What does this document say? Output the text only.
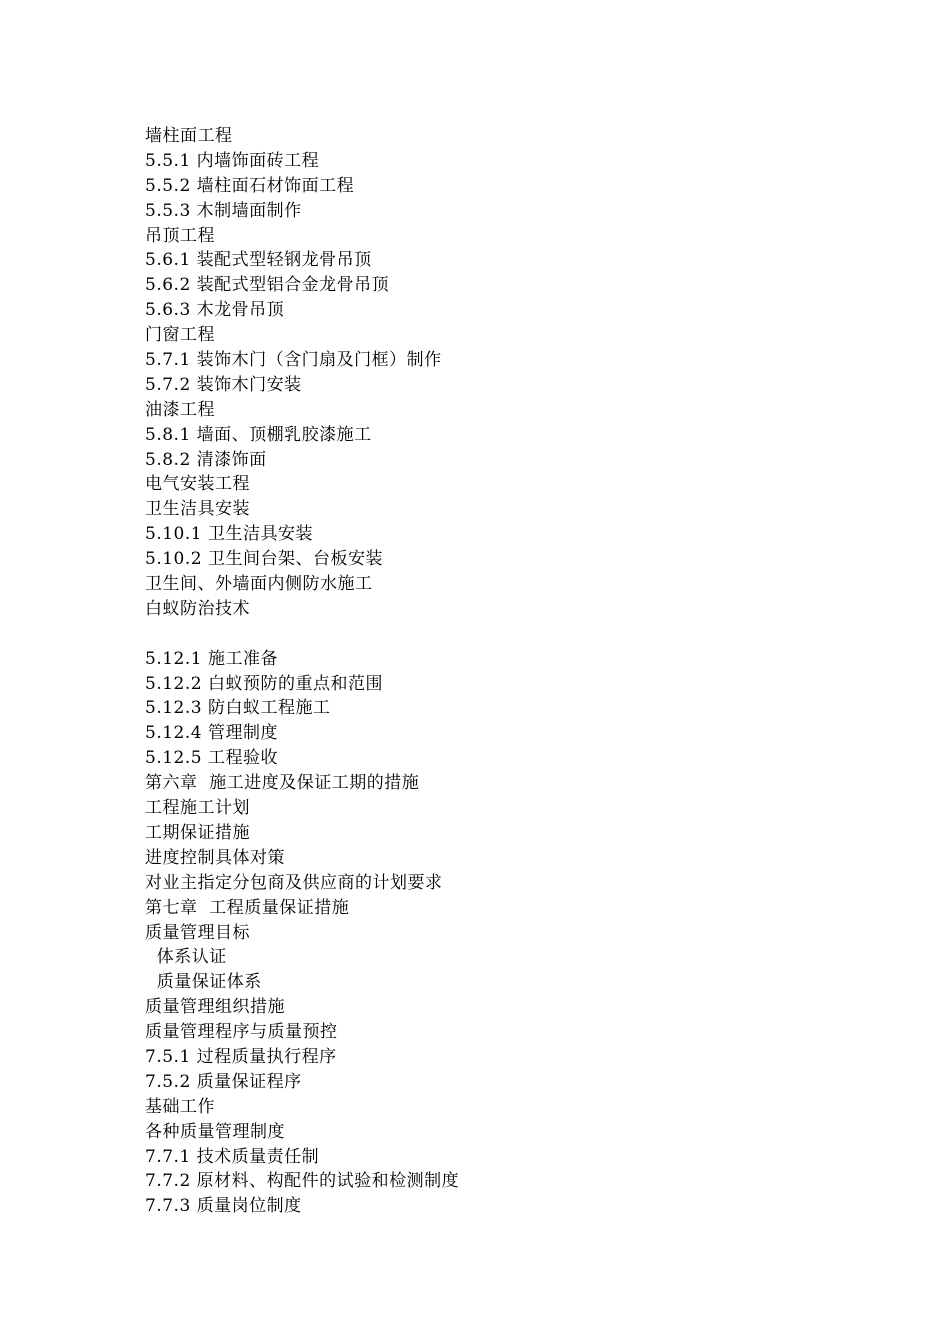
墙柱面工程
5.5.1 内墙饰面砖工程
5.5.2 墙柱面石材饰面工程
5.5.3 木制墙面制作
吊顶工程
5.6.1 装配式型轻钢龙骨吊顶
5.6.2 装配式型铝合金龙骨吊顶
5.6.3 木龙骨吊顶
门窗工程
5.7.1 装饰木门（含门扇及门框）制作
5.7.2 装饰木门安装
油漆工程
5.8.1 墙面、顶棚乳胶漆施工
5.8.2 清漆饰面
电气安装工程
卫生洁具安装
5.10.1 卫生洁具安装
5.10.2 卫生间台架、台板安装
卫生间、外墙面内侧防水施工
白蚁防治技术
5.12.1 施工准备
5.12.2 白蚁预防的重点和范围
5.12.3 防白蚁工程施工
5.12.4 管理制度
5.12.5 工程验收
第六章  施工进度及保证工期的措施
工程施工计划
工期保证措施
进度控制具体对策
对业主指定分包商及供应商的计划要求
第七章  工程质量保证措施
质量管理目标
体系认证
质量保证体系
质量管理组织措施
质量管理程序与质量预控
7.5.1 过程质量执行程序
7.5.2 质量保证程序
基础工作
各种质量管理制度
7.7.1 技术质量责任制
7.7.2 原材料、构配件的试验和检测制度
7.7.3 质量岗位制度
